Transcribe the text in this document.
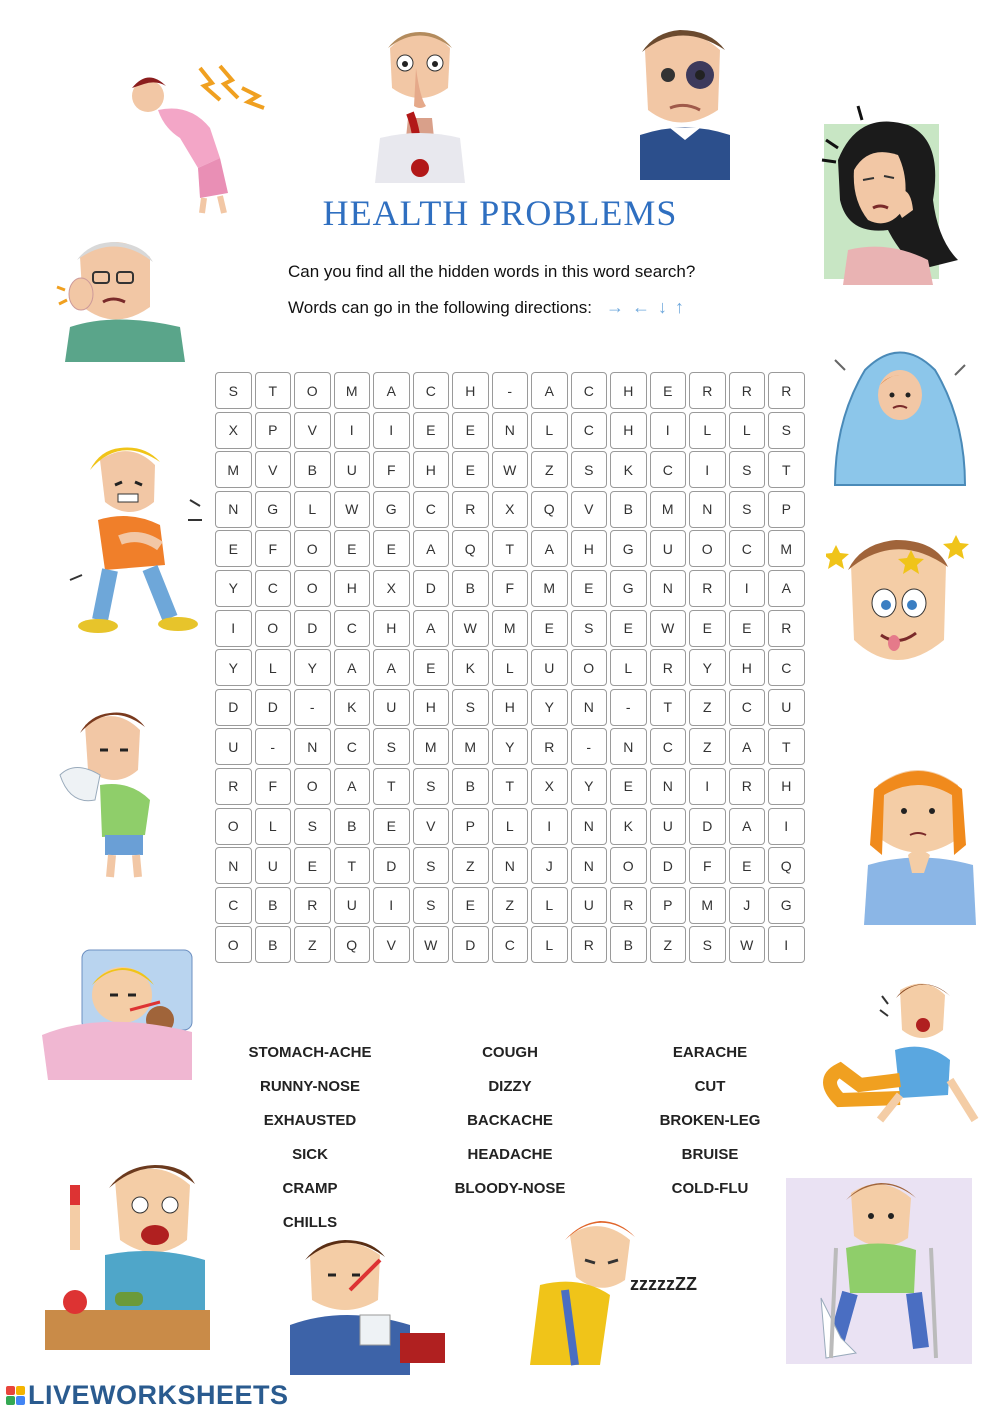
zzzzzZZ
HEALTH PROBLEMS
Can you find all the hidden words in this word search?
Words can go in the following directions: → ← ↓ ↑
S	T	O	M	A	C	H	-	A	C	H	E	R	R	R
X	P	V	I	I	E	E	N	L	C	H	I	L	L	S
M	V	B	U	F	H	E	W	Z	S	K	C	I	S	T
N	G	L	W	G	C	R	X	Q	V	B	M	N	S	P
E	F	O	E	E	A	Q	T	A	H	G	U	O	C	M
Y	C	O	H	X	D	B	F	M	E	G	N	R	I	A
I	O	D	C	H	A	W	M	E	S	E	W	E	E	R
Y	L	Y	A	A	E	K	L	U	O	L	R	Y	H	C
D	D	-	K	U	H	S	H	Y	N	-	T	Z	C	U
U	-	N	C	S	M	M	Y	R	-	N	C	Z	A	T
R	F	O	A	T	S	B	T	X	Y	E	N	I	R	H
O	L	S	B	E	V	P	L	I	N	K	U	D	A	I
N	U	E	T	D	S	Z	N	J	N	O	D	F	E	Q
C	B	R	U	I	S	E	Z	L	U	R	P	M	J	G
O	B	Z	Q	V	W	D	C	L	R	B	Z	S	W	I
STOMACH-ACHE	COUGH	EARACHE
RUNNY-NOSE	DIZZY	CUT
EXHAUSTED	BACKACHE	BROKEN-LEG
SICK	HEADACHE	BRUISE
CRAMP	BLOODY-NOSE	COLD-FLU
CHILLS
LIVEWORKSHEETS
